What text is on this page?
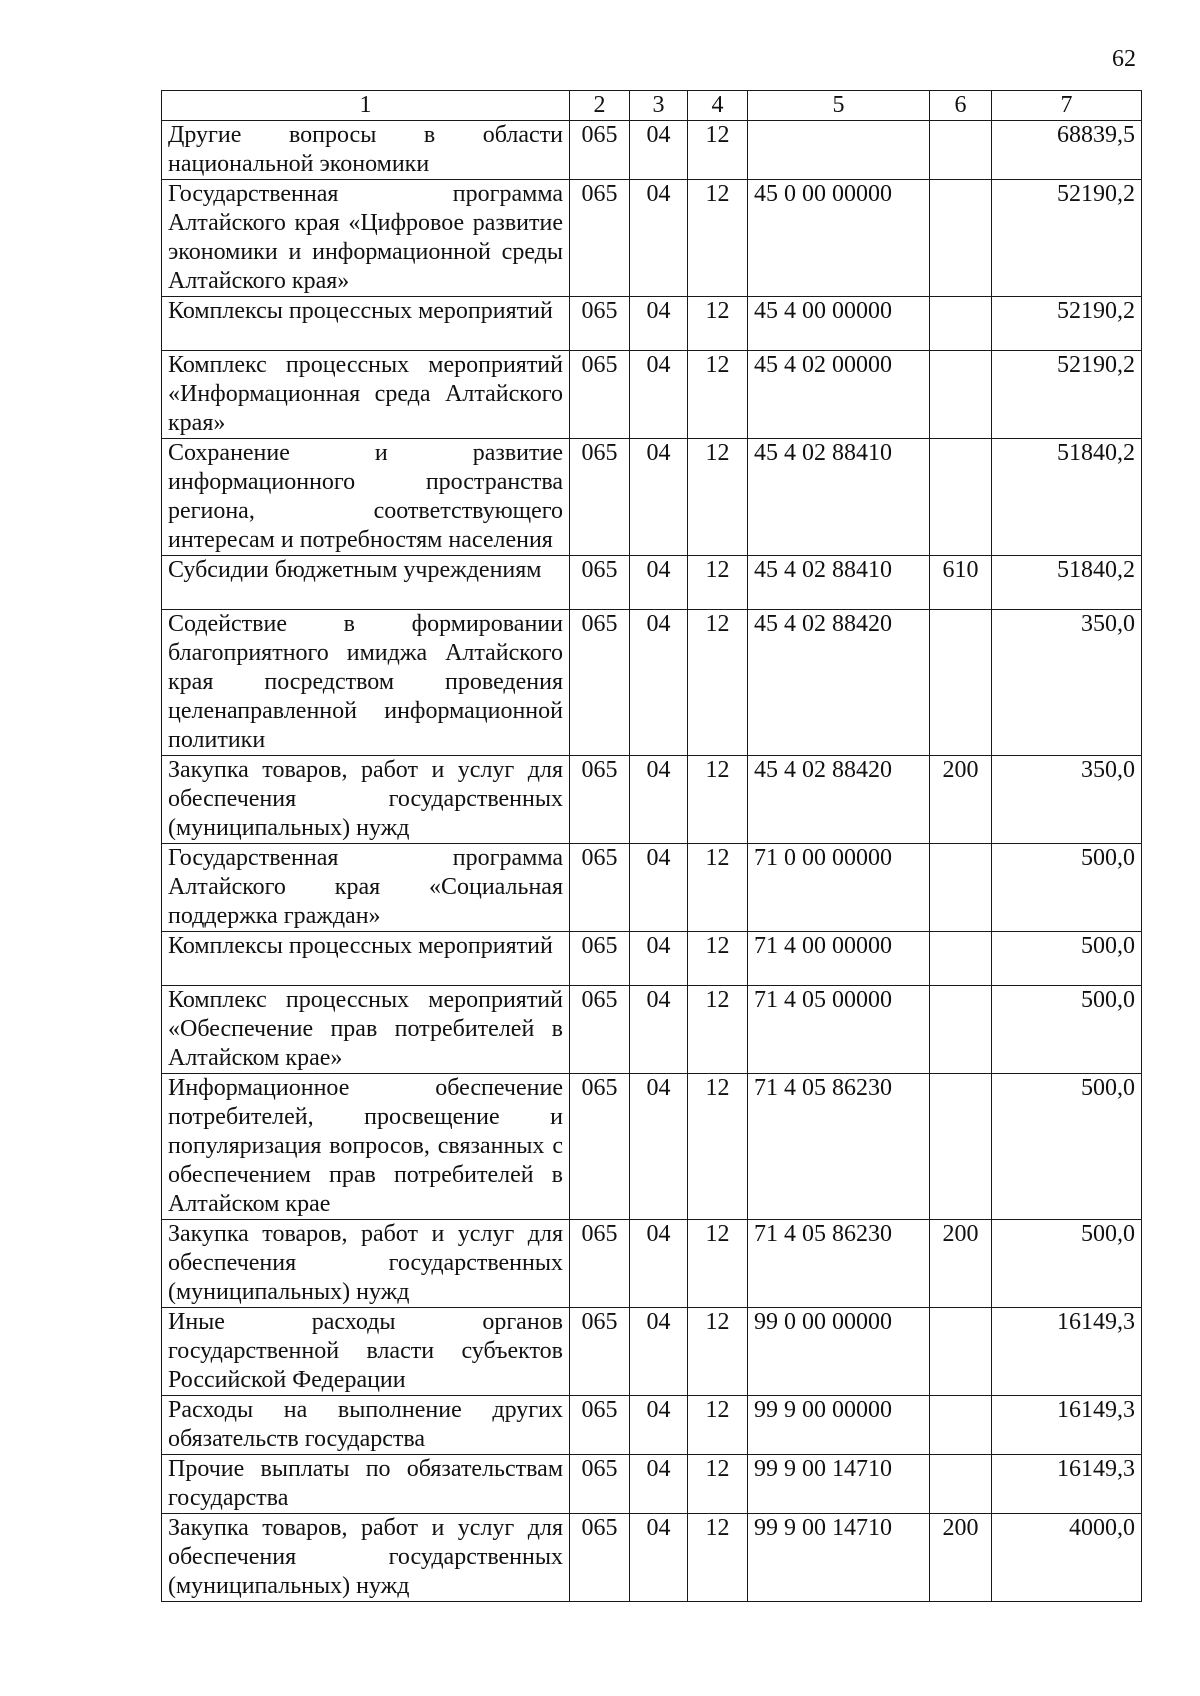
62
1	2	3	4	5	6	7

Другие вопросы в области национальной экономики	065	04	12			68839,5

Государственная программа Алтайского края «Цифровое развитие экономики и информационной среды Алтайского края»	065	04	12	45 0 00 00000		52190,2

Комплексы процессных мероприятий	065	04	12	45 4 00 00000		52190,2

Комплекс процессных мероприятий «Информационная среда Алтайского края»	065	04	12	45 4 02 00000		52190,2

Сохранение и развитие информационного пространства региона, соответствующего интересам и потребностям населения	065	04	12	45 4 02 88410		51840,2

Субсидии бюджетным учреждениям	065	04	12	45 4 02 88410	610	51840,2

Содействие в формировании благоприятного имиджа Алтайского края посредством проведения целенаправленной информационной политики	065	04	12	45 4 02 88420		350,0

Закупка товаров, работ и услуг для обеспечения государственных (муниципальных) нужд	065	04	12	45 4 02 88420	200	350,0

Государственная программа Алтайского края «Социальная поддержка граждан»	065	04	12	71 0 00 00000		500,0

Комплексы процессных мероприятий	065	04	12	71 4 00 00000		500,0

Комплекс процессных мероприятий «Обеспечение прав потребителей в Алтайском крае»	065	04	12	71 4 05 00000		500,0

Информационное обеспечение потребителей, просвещение и популяризация вопросов, связанных с обеспечением прав потребителей в Алтайском крае	065	04	12	71 4 05 86230		500,0

Закупка товаров, работ и услуг для обеспечения государственных (муниципальных) нужд	065	04	12	71 4 05 86230	200	500,0

Иные расходы органов государственной власти субъектов Российской Федерации	065	04	12	99 0 00 00000		16149,3

Расходы на выполнение других обязательств государства	065	04	12	99 9 00 00000		16149,3

Прочие выплаты по обязательствам государства	065	04	12	99 9 00 14710		16149,3

Закупка товаров, работ и услуг для обеспечения государственных (муниципальных) нужд	065	04	12	99 9 00 14710	200	4000,0
